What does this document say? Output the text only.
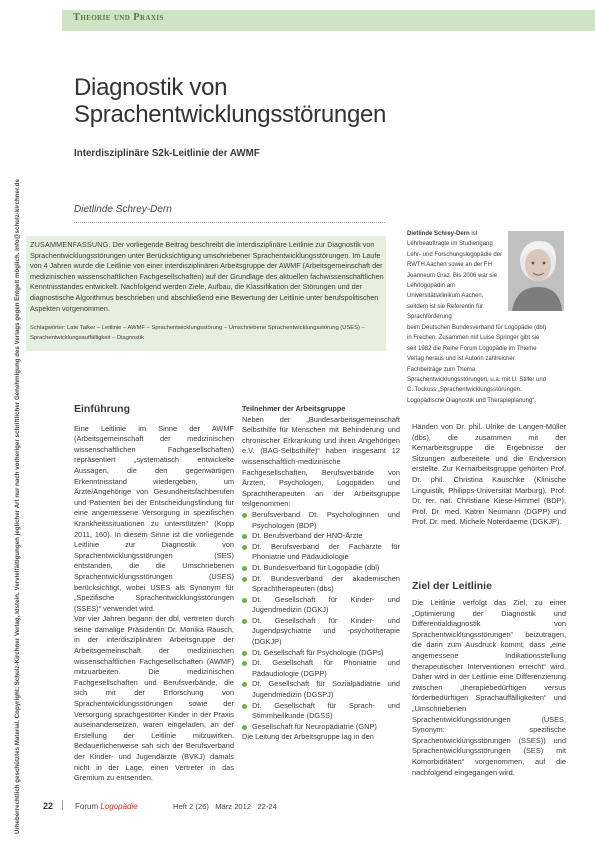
Urheberrechtlich geschütztes Material. Copyright: Schulz-Kirchner Verlag, Idstein. Vervielfältigungen jeglicher Art nur nach vorheriger schriftlicher Genehmigung des Verlags gegen Entgelt möglich. info@schulz-kirchner.de
Theorie und Praxis
Diagnostik von
Sprachentwicklungsstörungen
Interdisziplinäre S2k-Leitlinie der AWMF
Dietlinde Schrey-Dern
ZUSAMMENFASSUNG. Der vorliegende Beitrag beschreibt die interdisziplinäre Leitlinie zur Diagnostik von Sprachentwicklungsstörungen unter Berücksichtigung umschriebener Sprachentwicklungsstörungen. Im Laufe von 4 Jahren wurde die Leitlinie von einer interdisziplinären Arbeitsgruppe der AWMF (Arbeitsgemeinschaft der medizinischen wissenschaftlichen Fachgesellschaften) auf der Grundlage des aktuellen fachwissenschaftlichen Kenntnisstandes entwickelt. Nachfolgend werden Ziele, Aufbau, die Klassifikation der Störungen und der diagnostische Algorithmus beschrieben und abschließend eine Bewertung der Leitlinie unter berufspolitischen Aspekten vorgenommen.
Schlagwörter: Late Talker – Leitlinie – AWMF – Sprachentwicklungsstörung – Umschriebene Sprachentwicklungsstörung (USES) – Sprachentwicklungsauffälligkeit – Diagnostik
Dietlinde Schrey-Dern ist Lehrbeauftragte im Studiengang Lehr- und Forschungslogopädie der RWTH Aachen sowie an der FH Joanneum Graz. Bis 2006 war sie Lehrlogopädin am Universitätsklinikum Aachen, seitdem ist sie Referentin für Sprachförderung
beim Deutschen Bundesverband für Logopädie (dbl) in Frechen. Zusammen mit Luise Springer gibt sie seit 1982 die Reihe Forum Logopädie im Thieme Verlag heraus und ist Autorin zahlreicher Fachbeiträge zum Thema Sprachentwicklungsstörungen, u.a. mit U. Stiller und C. Tockuss „Sprachentwicklungsstörungen. Logopädische Diagnostik und Therapieplanung“.
Einführung

Eine Leitlinie im Sinne der AWMF (Arbeitsgemeinschaft der medizinischen wissenschaftlichen Fachgesellschaften) repräsentiert „systematisch entwickelte Aussagen, die den gegenwärtigen Erkenntnisstand wiedergeben, um Ärzte/Angehörige von Gesundheitsfachberufen und Patienten bei der Entscheidungsfindung für eine angemessene Versorgung in spezifischen Krankheitssituationen zu unterstützen“ (Kopp 2011, 160). In diesem Sinne ist die vorliegende Leitlinie zur Diagnostik von Sprachentwicklungsstörungen (SES) entstanden, die die Umschriebenen Sprachentwicklungsstörungen (USES) berücksichtigt, wobei USES als Synonym für „Spezifische Sprachentwicklungsstörungen (SSES)“ verwendet wird.

Vor vier Jahren begann der dbl, vertreten durch seine damalige Präsidentin Dr. Monika Rausch, in der interdisziplinären Arbeitsgruppe der Arbeitsgemeinschaft der medizinischen wissenschaftlichen Fachgesellschaften (AWMF) mitzuarbeiten. Die medizinischen Fachgesellschaften und Berufsverbände, die sich mit der Erforschung von Sprachentwicklungsstörungen sowie der Versorgung sprachgestörter Kinder in der Praxis auseinandersetzen, waren eingeladen, an der Erstellung der Leitlinie mitzuwirken. Bedauerlicherweise sah sich der Berufsverband der Kinder- und Jugendärzte (BVKJ) damals nicht in der Lage, einen Vertreter in das Gremium zu entsenden.

Teilnehmer der Arbeitsgruppe

Neben der „Bundesarbeitsgemeinschaft Selbsthilfe für Menschen mit Behinderung und chronischer Erkrankung und ihren Angehörigen e.V. (BAG-Selbsthilfe)“ haben insgesamt 12 wissenschaftlich-medizinische Fachgesellschaften, Berufsverbände von Ärzten, Psychologen, Logopäden und Sprachtherapeuten an der Arbeitsgruppe teilgenommen:

Berufsverband Dt. Psychologinnen und Psychologen (BDP)
Dt. Berufsverband der HNO-Ärzte
Dt. Berufsverband der Fachärzte für Phoniatrie und Pädaudiologie
Dt. Bundesverband für Logopädie (dbl)
Dt. Bundesverband der akademischen Sprachtherapeuten (dbs)
Dt. Gesellschaft für Kinder- und Jugendmedizin (DGKJ)
Dt. Gesellschaft für Kinder- und Jugendpsychiatrie und -psychotherapie (DGKJP)
Dt. Gesellschaft für Psychologie (DGPs)
Dt. Gesellschaft für Phoniatrie und Pädaudiologie (DGPP)
Dt. Gesellschaft für Sozialpädiatrie und Jugendmedizin (DGSPJ)
Dt. Gesellschaft für Sprach- und Stimmheilkunde (DGSS)
Gesellschaft für Neuropädiatrie (GNP)

Die Leitung der Arbeitsgruppe lag in den

Händen von Dr. phil. Ulrike de Langen-Müller (dbs), die zusammen mit der Kernarbeitsgruppe die Ergebnisse der Sitzungen aufbereitete und die Endversion erstellte. Zur Kernarbeitsgruppe gehörten Prof. Dr. phil. Christina Kauschke (Klinische Linguistik, Philipps-Universität Marburg), Prof. Dr. rer. nat. Christiane Kiese-Himmel (BDP), Prof. Dr. med. Katrin Neumann (DGPP) und Prof. Dr. med. Michele Noterdaeme (DGKJP).

Ziel der Leitlinie

Die Leitlinie verfolgt das Ziel, zu einer „Optimierung der Diagnostik und Differentialdiagnostik von Sprachentwicklungsstörungen“ beizutragen, die darin zum Ausdruck kommt, dass „eine angemessene Indikationsstellung therapeutischer Interventionen erreicht“ wird. Daher wird in der Leitlinie eine Differenzierung zwischen „therapiebedürftigen versus förderbedürftigen Sprachauffälligkeiten“ und „Umschriebenen Sprachentwicklungsstörungen (USES, Synonym: spezifische Sprachentwicklungsstörungen (SSES)) und Sprachentwicklungsstörungen (SES) mit Komorbiditäten“ vorgenommen, auf die nachfolgend eingegangen wird.

22	Forum Logopädie	Heft 2 (26)   März 2012   22-24
